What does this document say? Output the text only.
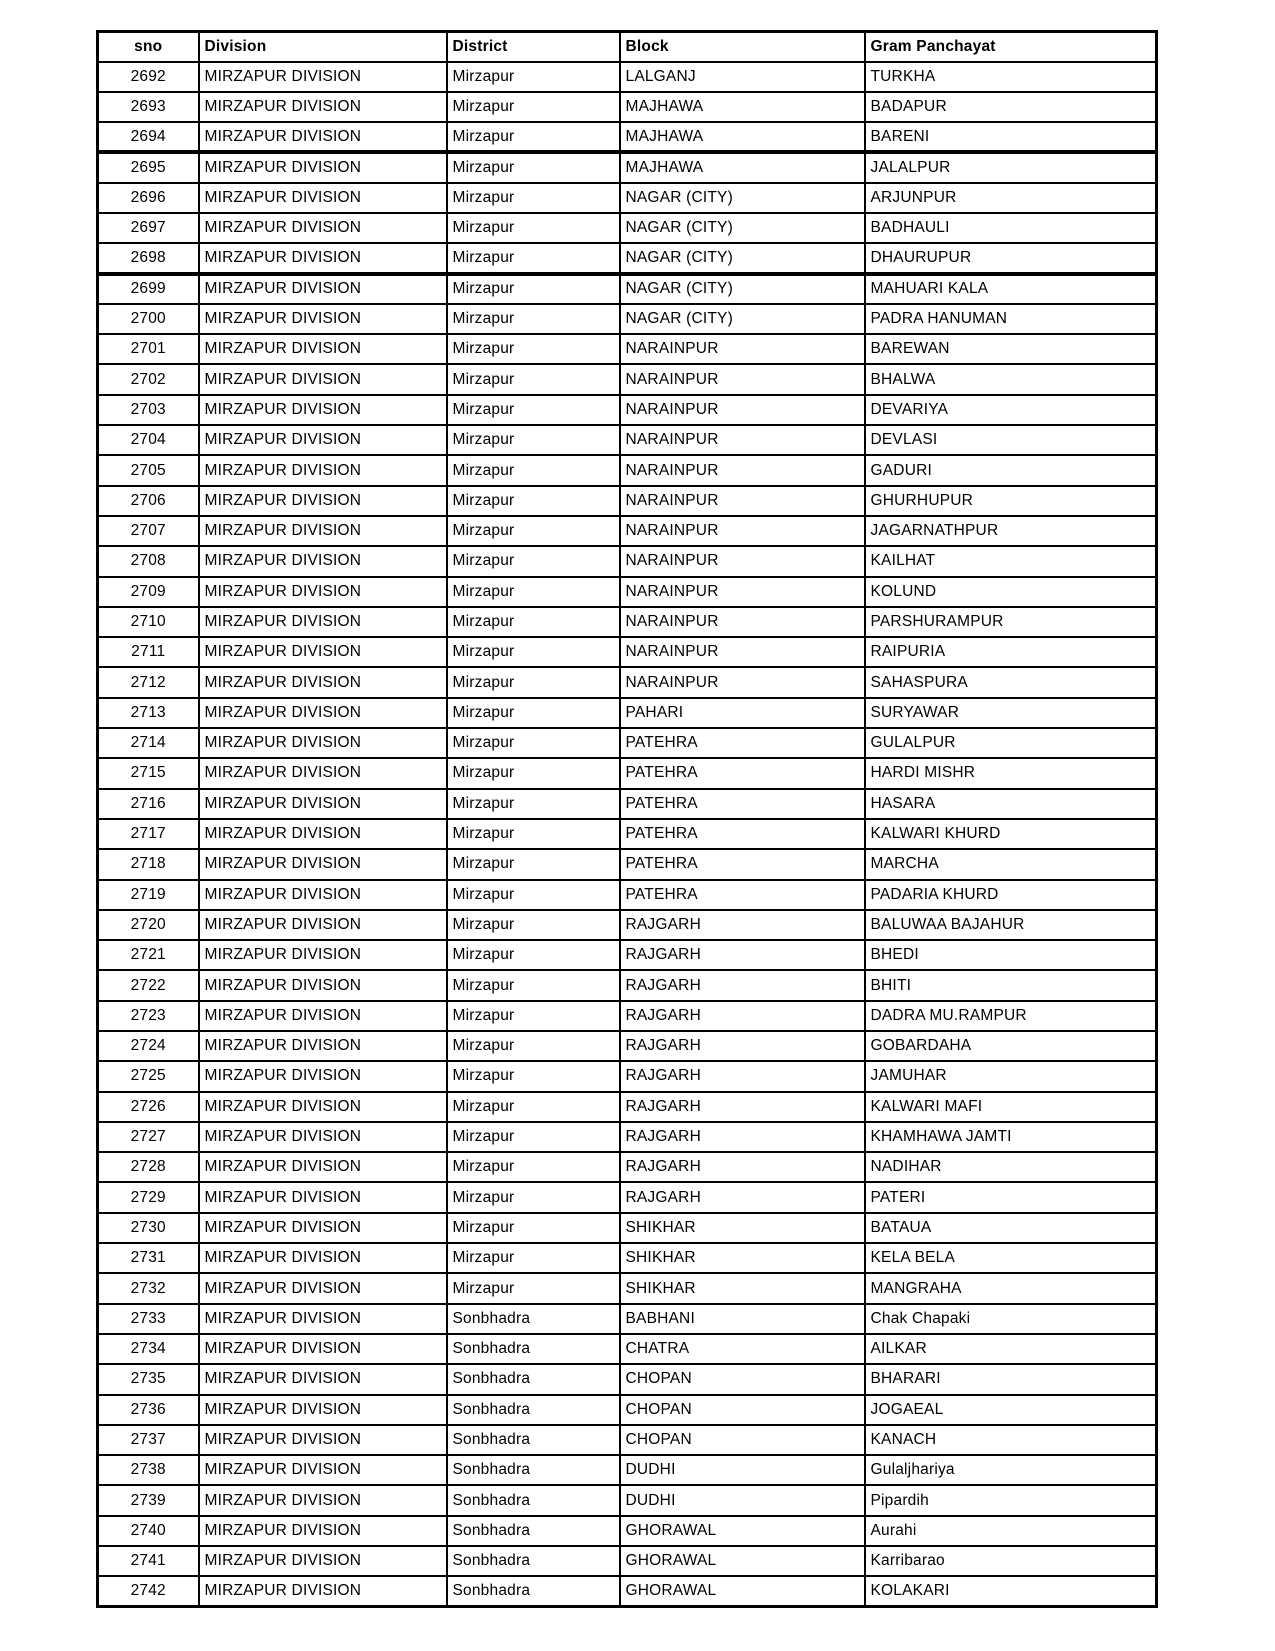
sno	Division	District	Block	Gram Panchayat
2692	MIRZAPUR DIVISION	Mirzapur	LALGANJ	TURKHA
2693	MIRZAPUR DIVISION	Mirzapur	MAJHAWA	BADAPUR
2694	MIRZAPUR DIVISION	Mirzapur	MAJHAWA	BARENI
2695	MIRZAPUR DIVISION	Mirzapur	MAJHAWA	JALALPUR
2696	MIRZAPUR DIVISION	Mirzapur	NAGAR (CITY)	ARJUNPUR
2697	MIRZAPUR DIVISION	Mirzapur	NAGAR (CITY)	BADHAULI
2698	MIRZAPUR DIVISION	Mirzapur	NAGAR (CITY)	DHAURUPUR
2699	MIRZAPUR DIVISION	Mirzapur	NAGAR (CITY)	MAHUARI KALA
2700	MIRZAPUR DIVISION	Mirzapur	NAGAR (CITY)	PADRA HANUMAN
2701	MIRZAPUR DIVISION	Mirzapur	NARAINPUR	BAREWAN
2702	MIRZAPUR DIVISION	Mirzapur	NARAINPUR	BHALWA
2703	MIRZAPUR DIVISION	Mirzapur	NARAINPUR	DEVARIYA
2704	MIRZAPUR DIVISION	Mirzapur	NARAINPUR	DEVLASI
2705	MIRZAPUR DIVISION	Mirzapur	NARAINPUR	GADURI
2706	MIRZAPUR DIVISION	Mirzapur	NARAINPUR	GHURHUPUR
2707	MIRZAPUR DIVISION	Mirzapur	NARAINPUR	JAGARNATHPUR
2708	MIRZAPUR DIVISION	Mirzapur	NARAINPUR	KAILHAT
2709	MIRZAPUR DIVISION	Mirzapur	NARAINPUR	KOLUND
2710	MIRZAPUR DIVISION	Mirzapur	NARAINPUR	PARSHURAMPUR
2711	MIRZAPUR DIVISION	Mirzapur	NARAINPUR	RAIPURIA
2712	MIRZAPUR DIVISION	Mirzapur	NARAINPUR	SAHASPURA
2713	MIRZAPUR DIVISION	Mirzapur	PAHARI	SURYAWAR
2714	MIRZAPUR DIVISION	Mirzapur	PATEHRA	GULALPUR
2715	MIRZAPUR DIVISION	Mirzapur	PATEHRA	HARDI MISHR
2716	MIRZAPUR DIVISION	Mirzapur	PATEHRA	HASARA
2717	MIRZAPUR DIVISION	Mirzapur	PATEHRA	KALWARI KHURD
2718	MIRZAPUR DIVISION	Mirzapur	PATEHRA	MARCHA
2719	MIRZAPUR DIVISION	Mirzapur	PATEHRA	PADARIA KHURD
2720	MIRZAPUR DIVISION	Mirzapur	RAJGARH	BALUWAA BAJAHUR
2721	MIRZAPUR DIVISION	Mirzapur	RAJGARH	BHEDI
2722	MIRZAPUR DIVISION	Mirzapur	RAJGARH	BHITI
2723	MIRZAPUR DIVISION	Mirzapur	RAJGARH	DADRA MU.RAMPUR
2724	MIRZAPUR DIVISION	Mirzapur	RAJGARH	GOBARDAHA
2725	MIRZAPUR DIVISION	Mirzapur	RAJGARH	JAMUHAR
2726	MIRZAPUR DIVISION	Mirzapur	RAJGARH	KALWARI MAFI
2727	MIRZAPUR DIVISION	Mirzapur	RAJGARH	KHAMHAWA JAMTI
2728	MIRZAPUR DIVISION	Mirzapur	RAJGARH	NADIHAR
2729	MIRZAPUR DIVISION	Mirzapur	RAJGARH	PATERI
2730	MIRZAPUR DIVISION	Mirzapur	SHIKHAR	BATAUA
2731	MIRZAPUR DIVISION	Mirzapur	SHIKHAR	KELA BELA
2732	MIRZAPUR DIVISION	Mirzapur	SHIKHAR	MANGRAHA
2733	MIRZAPUR DIVISION	Sonbhadra	BABHANI	Chak Chapaki
2734	MIRZAPUR DIVISION	Sonbhadra	CHATRA	AILKAR
2735	MIRZAPUR DIVISION	Sonbhadra	CHOPAN	BHARARI
2736	MIRZAPUR DIVISION	Sonbhadra	CHOPAN	JOGAEAL
2737	MIRZAPUR DIVISION	Sonbhadra	CHOPAN	KANACH
2738	MIRZAPUR DIVISION	Sonbhadra	DUDHI	Gulaljhariya
2739	MIRZAPUR DIVISION	Sonbhadra	DUDHI	Pipardih
2740	MIRZAPUR DIVISION	Sonbhadra	GHORAWAL	Aurahi
2741	MIRZAPUR DIVISION	Sonbhadra	GHORAWAL	Karribarao
2742	MIRZAPUR DIVISION	Sonbhadra	GHORAWAL	KOLAKARI
